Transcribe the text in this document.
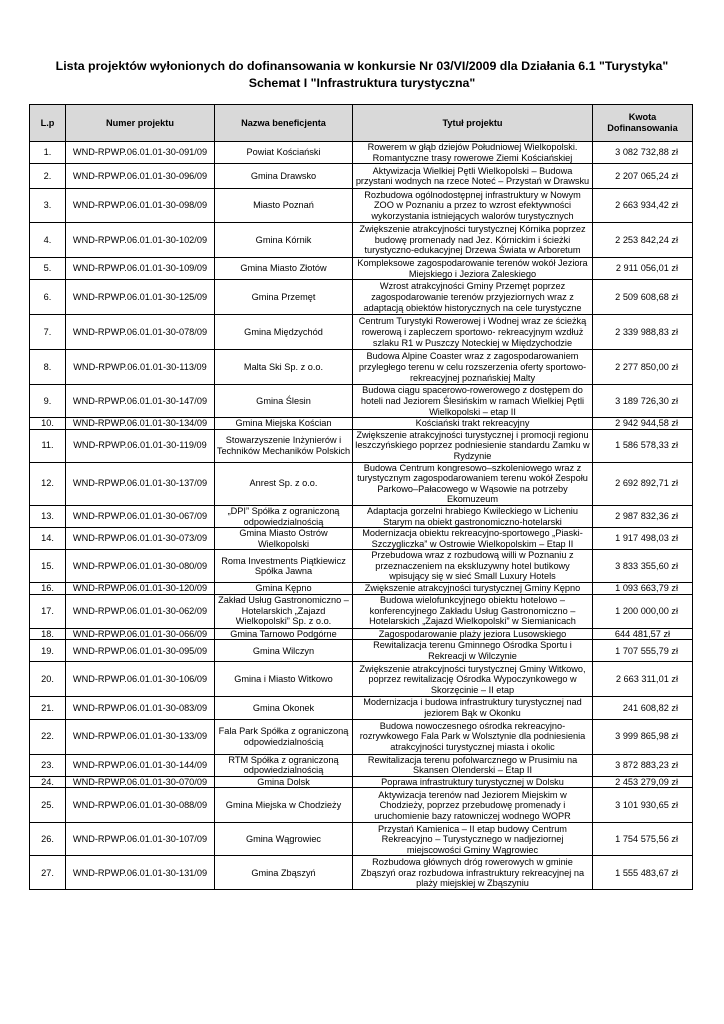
Lista projektów wyłonionych do dofinansowania w konkursie Nr 03/VI/2009 dla Działania 6.1 "Turystyka"
Schemat I "Infrastruktura turystyczna"
L.p	Numer projektu	Nazwa beneficjenta	Tytuł projektu	Kwota
Dofinansowania

1.	WND-RPWP.06.01.01-30-091/09	Powiat Kościański	Rowerem w głąb dziejów Południowej Wielkopolski. Romantyczne trasy rowerowe Ziemi Kościańskiej	3 082 732,88 zł
2.	WND-RPWP.06.01.01-30-096/09	Gmina Drawsko	Aktywizacja Wielkiej Pętli Wielkopolski – Budowa przystani wodnych na rzece Noteć – Przystań w Drawsku	2 207 065,24 zł
3.	WND-RPWP.06.01.01-30-098/09	Miasto Poznań	Rozbudowa ogólnodostępnej infrastruktury w Nowym ZOO w Poznaniu a przez to wzrost efektywności wykorzystania istniejących walorów turystycznych	2 663 934,42 zł
4.	WND-RPWP.06.01.01-30-102/09	Gmina Kórnik	Zwiększenie atrakcyjności turystycznej Kórnika poprzez budowę promenady nad Jez. Kórnickim i ścieżki turystyczno-edukacyjnej Drzewa Świata w Arboretum	2 253 842,24 zł
5.	WND-RPWP.06.01.01-30-109/09	Gmina Miasto Złotów	Kompleksowe zagospodarowanie terenów wokół Jeziora Miejskiego i Jeziora Zaleskiego	2 911 056,01 zł
6.	WND-RPWP.06.01.01-30-125/09	Gmina Przemęt	Wzrost atrakcyjności Gminy Przemęt poprzez zagospodarowanie terenów przyjeziornych wraz z adaptacją obiektów historycznych na cele turystyczne	2 509 608,68 zł
7.	WND-RPWP.06.01.01-30-078/09	Gmina Międzychód	Centrum Turystyki Rowerowej i Wodnej wraz ze ścieżką rowerową i zapleczem sportowo- rekreacyjnym wzdłuż szlaku R1 w Puszczy Noteckiej w Międzychodzie	2 339 988,83 zł
8.	WND-RPWP.06.01.01-30-113/09	Malta Ski Sp. z o.o.	Budowa Alpine Coaster wraz z zagospodarowaniem przyległego terenu w celu rozszerzenia oferty sportowo-rekreacyjnej poznańskiej Malty	2 277 850,00 zł
9.	WND-RPWP.06.01.01-30-147/09	Gmina Ślesin	Budowa ciągu spacerowo-rowerowego z dostępem do hoteli nad Jeziorem Ślesińskim w ramach Wielkiej Pętli Wielkopolski – etap II	3 189 726,30 zł
10.	WND-RPWP.06.01.01-30-134/09	Gmina Miejska Kościan	Kościański trakt rekreacyjny	2 942 944,58 zł
11.	WND-RPWP.06.01.01-30-119/09	Stowarzyszenie Inżynierów i Techników Mechaników Polskich	Zwiększenie atrakcyjności turystycznej i promocji regionu leszczyńskiego poprzez podniesienie standardu Zamku w Rydzynie	1 586 578,33 zł
12.	WND-RPWP.06.01.01-30-137/09	Anrest Sp. z o.o.	Budowa Centrum kongresowo–szkoleniowego wraz z turystycznym zagospodarowaniem terenu wokół Zespołu Parkowo–Pałacowego w Wąsowie na potrzeby Ekomuzeum	2 692 892,71 zł
13.	WND-RPWP.06.01.01-30-067/09	„DPI” Spółka z ograniczoną odpowiedzialnością	Adaptacja gorzelni hrabiego Kwileckiego w Licheniu Starym na obiekt gastronomiczno-hotelarski	2 987 832,36 zł
14.	WND-RPWP.06.01.01-30-073/09	Gmina Miasto Ostrów Wielkopolski	Modernizacja obiektu rekreacyjno-sportowego „Piaski-Szczygliczka” w Ostrowie Wielkopolskim – Etap II	1 917 498,03 zł
15.	WND-RPWP.06.01.01-30-080/09	Roma Investments Piątkiewicz Spółka Jawna	Przebudowa wraz z rozbudową willi w Poznaniu z przeznaczeniem na ekskluzywny hotel butikowy wpisujący się w sieć Small Luxury Hotels	3 833 355,60 zł
16.	WND-RPWP.06.01.01-30-120/09	Gmina Kępno	Zwiększenie atrakcyjności turystycznej Gminy Kępno	1 093 663,79 zł
17.	WND-RPWP.06.01.01-30-062/09	Zakład Usług Gastronomiczno – Hotelarskich „Zajazd Wielkopolski” Sp. z o.o.	Budowa wielofunkcyjnego obiektu hotelowo – konferencyjnego Zakładu Usług Gastronomiczno – Hotelarskich „Zajazd Wielkopolski” w Siemianicach	1 200 000,00 zł
18.	WND-RPWP.06.01.01-30-066/09	Gmina Tarnowo Podgórne	Zagospodarowanie plaży jeziora Lusowskiego	644 481,57 zł
19.	WND-RPWP.06.01.01-30-095/09	Gmina Wilczyn	Rewitalizacja terenu Gminnego Ośrodka Sportu i Rekreacji w Wilczynie	1 707 555,79 zł
20.	WND-RPWP.06.01.01-30-106/09	Gmina i Miasto Witkowo	Zwiększenie atrakcyjności turystycznej Gminy Witkowo, poprzez rewitalizację Ośrodka Wypoczynkowego w Skorzęcinie – II etap	2 663 311,01 zł
21.	WND-RPWP.06.01.01-30-083/09	Gmina Okonek	Modernizacja i budowa infrastruktury turystycznej nad jeziorem Bąk w Okonku	241 608,82 zł
22.	WND-RPWP.06.01.01-30-133/09	Fala Park Spółka z ograniczoną odpowiedzialnością	Budowa nowoczesnego ośrodka rekreacyjno-rozrywkowego Fala Park w Wolsztynie dla podniesienia atrakcyjności turystycznej miasta i okolic	3 999 865,98 zł
23.	WND-RPWP.06.01.01-30-144/09	RTM Spółka z ograniczoną odpowiedzialnością	Rewitalizacja terenu pofolwarcznego w Prusimiu na Skansen Olenderski – Etap II	3 872 883,23 zł
24.	WND-RPWP.06.01.01-30-070/09	Gmina Dolsk	Poprawa infrastruktury turystycznej w Dolsku	2 453 279,09 zł
25.	WND-RPWP.06.01.01-30-088/09	Gmina Miejska w Chodzieży	Aktywizacja terenów nad Jeziorem Miejskim w Chodzieży, poprzez przebudowę promenady i uruchomienie bazy ratowniczej wodnego WOPR	3 101 930,65 zł
26.	WND-RPWP.06.01.01-30-107/09	Gmina Wągrowiec	Przystań Kamienica – II etap budowy Centrum Rekreacyjno – Turystycznego w nadjeziornej miejscowości Gminy Wągrowiec	1 754 575,56 zł
27.	WND-RPWP.06.01.01-30-131/09	Gmina Zbąszyń	Rozbudowa głównych dróg rowerowych w gminie Zbąszyń oraz rozbudowa infrastruktury rekreacyjnej na plaży miejskiej w Zbąszyniu	1 555 483,67 zł
